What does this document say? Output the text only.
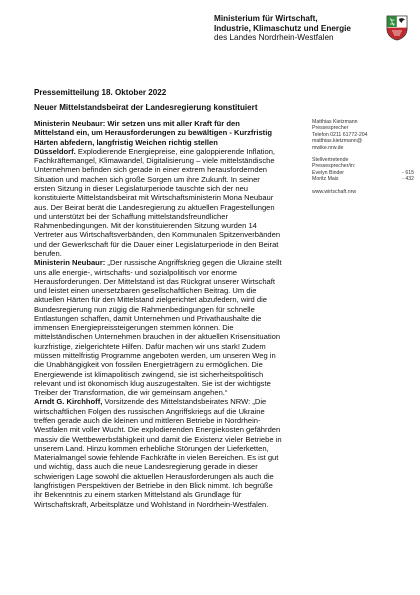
Ministerium für Wirtschaft,
Industrie, Klimaschutz und Energie
des Landes Nordrhein-Westfalen
Pressemitteilung 18. Oktober 2022
Neuer Mittelstandsbeirat der Landesregierung konstituiert

Ministerin Neubaur: Wir setzen uns mit aller Kraft für den
Mittelstand ein, um Herausforderungen zu bewältigen - Kurzfristig
Härten abfedern, langfristig Weichen richtig stellen

Düsseldorf. Explodierende Energiepreise, eine galoppierende Inflation,
Fachkräftemangel, Klimawandel, Digitalisierung – viele mittelständische
Unternehmen befinden sich gerade in einer extrem herausfordernden
Situation und machen sich große Sorgen um ihre Zukunft. In seiner
ersten Sitzung in dieser Legislaturperiode tauschte sich der neu
konstituierte Mittelstandsbeirat mit Wirtschaftsministerin Mona Neubaur
aus. Der Beirat berät die Landesregierung zu aktuellen Fragestellungen
und unterstützt bei der Schaffung mittelstandsfreundlicher
Rahmenbedingungen. Mit der konstituierenden Sitzung wurden 14
Vertreter aus Wirtschaftsverbänden, den Kommunalen Spitzenverbänden
und der Gewerkschaft für die Dauer einer Legislaturperiode in den Beirat
berufen.

Ministerin Neubaur: „Der russische Angriffskrieg gegen die Ukraine stellt
uns alle energie-, wirtschafts- und sozialpolitisch vor enorme
Herausforderungen. Der Mittelstand ist das Rückgrat unserer Wirtschaft
und leistet einen unersetzbaren gesellschaftlichen Beitrag. Um die
aktuellen Härten für den Mittelstand zielgerichtet abzufedern, wird die
Bundesregierung nun zügig die Rahmenbedingungen für schnelle
Entlastungen schaffen, damit Unternehmen und Privathaushalte die
immensen Energiepreissteigerungen stemmen können. Die
mittelständischen Unternehmen brauchen in der aktuellen Krisensituation
kurzfristige, zielgerichtete Hilfen. Dafür machen wir uns stark! Zudem
müssen mittelfristig Programme angeboten werden, um unseren Weg in
die Unabhängigkeit von fossilen Energieträgern zu ermöglichen. Die
Energiewende ist klimapolitisch zwingend, sie ist sicherheitspolitisch
relevant und ist ökonomisch klug auszugestalten. Sie ist der wichtigste
Treiber der Transformation, die wir gemeinsam angehen.“

Arndt G. Kirchhoff, Vorsitzende des Mittelstandsbeirates NRW: „Die
wirtschaftlichen Folgen des russischen Angriffskriegs auf die Ukraine
treffen gerade auch die kleinen und mittleren Betriebe in Nordrhein-
Westfalen mit voller Wucht. Die explodierenden Energiekosten gefährden
massiv die Wettbewerbsfähigkeit und damit die Existenz vieler Betriebe in
unserem Land. Hinzu kommen erhebliche Störungen der Lieferketten,
Materialmangel sowie fehlende Fachkräfte in vielen Bereichen. Es ist gut
und wichtig, dass auch die neue Landesregierung gerade in dieser
schwierigen Lage sowohl die aktuellen Herausforderungen als auch die
langfristigen Perspektiven der Betriebe in den Blick nimmt. Ich begrüße
ihr Bekenntnis zu einem starken Mittelstand als Grundlage für
Wirtschaftskraft, Arbeitsplätze und Wohlstand in Nordrhein-Westfalen.

Matthias Kietzmann
Pressesprecher
Telefon 0211 61772-204
matthias.kietzmann@
mwike.nrw.de
Stellvertretende
Pressesprecher/in:
Evelyn Binder	- 615
Moritz Mais	- 432
www.wirtschaft.nrw
